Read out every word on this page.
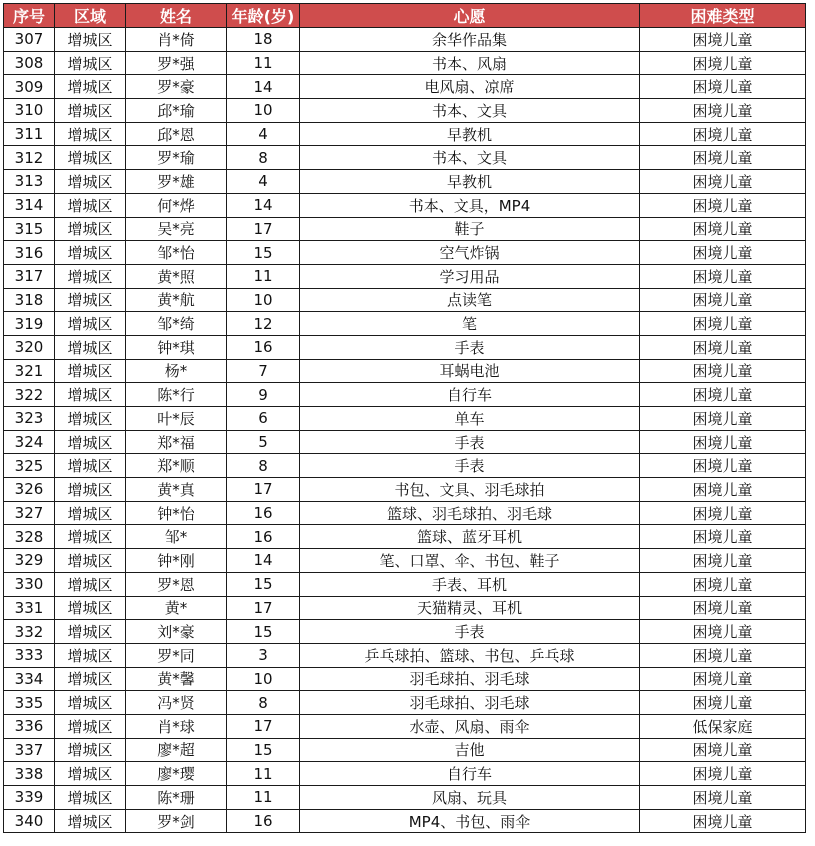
序号	区域	姓名	年龄(岁)	心愿	困难类型
307	增城区	肖*倚	18	余华作品集	困境儿童
308	增城区	罗*强	11	书本、风扇	困境儿童
309	增城区	罗*豪	14	电风扇、凉席	困境儿童
310	增城区	邱*瑜	10	书本、文具	困境儿童
311	增城区	邱*恩	4	早教机	困境儿童
312	增城区	罗*瑜	8	书本、文具	困境儿童
313	增城区	罗*雄	4	早教机	困境儿童
314	增城区	何*烨	14	书本、文具，MP4	困境儿童
315	增城区	吴*亮	17	鞋子	困境儿童
316	增城区	邹*怡	15	空气炸锅	困境儿童
317	增城区	黄*照	11	学习用品	困境儿童
318	增城区	黄*航	10	点读笔	困境儿童
319	增城区	邹*绮	12	笔	困境儿童
320	增城区	钟*琪	16	手表	困境儿童
321	增城区	杨*	7	耳蜗电池	困境儿童
322	增城区	陈*行	9	自行车	困境儿童
323	增城区	叶*辰	6	单车	困境儿童
324	增城区	郑*福	5	手表	困境儿童
325	增城区	郑*顺	8	手表	困境儿童
326	增城区	黄*真	17	书包、文具、羽毛球拍	困境儿童
327	增城区	钟*怡	16	篮球、羽毛球拍、羽毛球	困境儿童
328	增城区	邹*	16	篮球、蓝牙耳机	困境儿童
329	增城区	钟*刚	14	笔、口罩、伞、书包、鞋子	困境儿童
330	增城区	罗*恩	15	手表、耳机	困境儿童
331	增城区	黄*	17	天猫精灵、耳机	困境儿童
332	增城区	刘*豪	15	手表	困境儿童
333	增城区	罗*同	3	乒乓球拍、篮球、书包、乒乓球	困境儿童
334	增城区	黄*馨	10	羽毛球拍、羽毛球	困境儿童
335	增城区	冯*贤	8	羽毛球拍、羽毛球	困境儿童
336	增城区	肖*球	17	水壶、风扇、雨伞	低保家庭
337	增城区	廖*超	15	吉他	困境儿童
338	增城区	廖*璎	11	自行车	困境儿童
339	增城区	陈*珊	11	风扇、玩具	困境儿童
340	增城区	罗*剑	16	MP4、书包、雨伞	困境儿童
